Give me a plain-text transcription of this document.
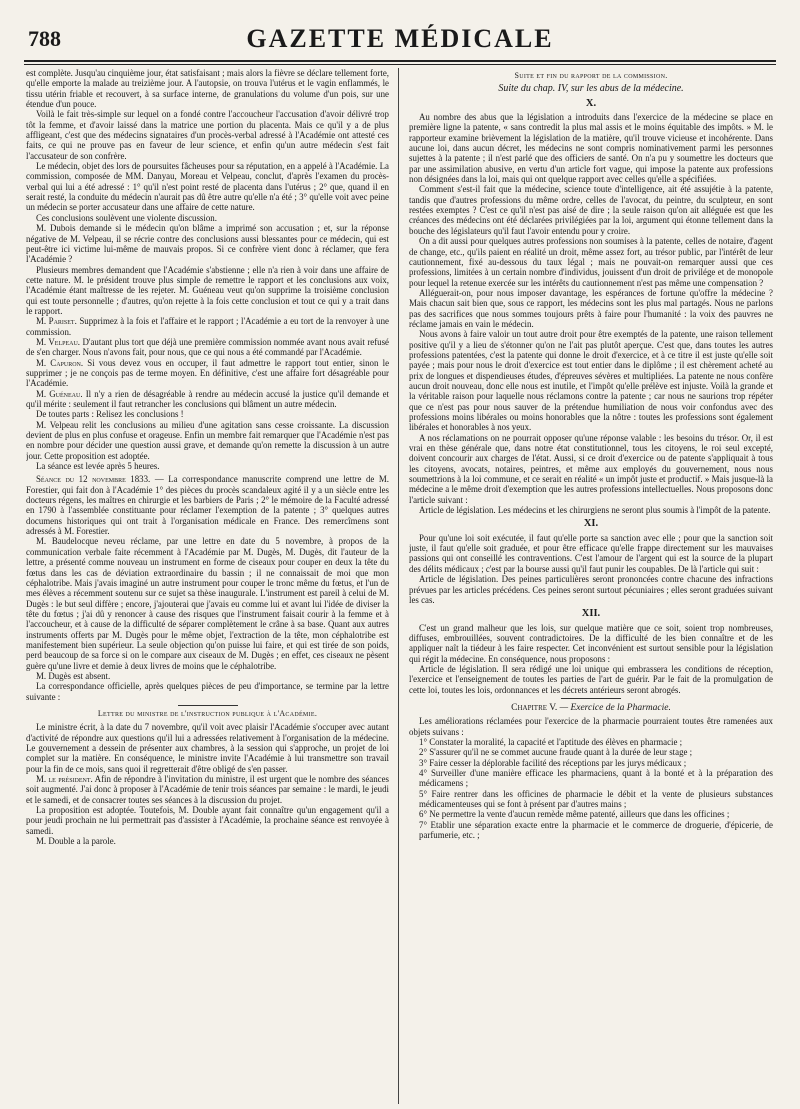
788	GAZETTE MÉDICALE

est complète. Jusqu'au cinquième jour, état satisfaisant ; mais alors la fièvre se déclare tellement forte, qu'elle emporte la malade au treizième jour. A l'autopsie, on trouva l'utérus et le vagin enflammés, le tissu utérin friable et recouvert, à sa surface interne, de granulations du volume d'un pois, sur une étendue d'un pouce.

Voilà le fait très-simple sur lequel on a fondé contre l'accoucheur l'accusation d'avoir délivré trop tôt la femme, et d'avoir laissé dans la matrice une portion du placenta. Mais ce qu'il y a de plus affligeant, c'est que des médecins signataires d'un procès-verbal adressé à l'Académie ont attesté ces faits, ce qui ne prouve pas en faveur de leur science, et enfin qu'un autre médecin s'est fait l'accusateur de son confrère.

Le médecin, objet des lors de poursuites fâcheuses pour sa réputation, en a appelé à l'Académie. La commission, composée de MM. Danyau, Moreau et Velpeau, conclut, d'après l'examen du procès-verbal qui lui a été adressé : 1° qu'il n'est point resté de placenta dans l'utérus ; 2° que, quand il en serait resté, la conduite du médecin n'aurait pas dû être autre qu'elle n'a été ; 3° qu'elle voit avec peine un médecin se porter accusateur dans une affaire de cette nature.

Ces conclusions soulèvent une violente discussion.

M. Dubois demande si le médecin qu'on blâme a imprimé son accusation ; et, sur la réponse négative de M. Velpeau, il se récrie contre des conclusions aussi blessantes pour ce médecin, qui est peut-être ici victime lui-même de mauvais propos. Si ce confrère vient donc à réclamer, que fera l'Académie ?

Plusieurs membres demandent que l'Académie s'abstienne ; elle n'a rien à voir dans une affaire de cette nature. M. le président trouve plus simple de remettre le rapport et les conclusions aux voix, l'Académie étant maîtresse de les rejeter. M. Guéneau veut qu'on supprime la troisième conclusion qui est toute personnelle ; d'autres, qu'on rejette à la fois cette conclusion et tout ce qui y a trait dans le rapport.

M. Pariset. Supprimez à la fois et l'affaire et le rapport ; l'Académie a eu tort de la renvoyer à une commission.

M. Velpeau. D'autant plus tort que déjà une première commission nommée avant nous avait refusé de s'en charger. Nous n'avons fait, pour nous, que ce qui nous a été commandé par l'Académie.

M. Capuron. Si vous devez vous en occuper, il faut admettre le rapport tout entier, sinon le supprimer ; je ne conçois pas de terme moyen. En définitive, c'est une affaire fort désagréable pour l'Académie.

M. Guéneau. Il n'y a rien de désagréable à rendre au médecin accusé la justice qu'il demande et qu'il mérite : seulement il faut retrancher les conclusions qui blâment un autre médecin.

De toutes parts : Relisez les conclusions !

M. Velpeau relit les conclusions au milieu d'une agitation sans cesse croissante. La discussion devient de plus en plus confuse et orageuse. Enfin un membre fait remarquer que l'Académie n'est pas en nombre pour décider une question aussi grave, et demande qu'on remette la discussion à un autre jour. Cette proposition est adoptée.

La séance est levée après 5 heures.

Séance du 12 novembre 1833. — La correspondance manuscrite comprend une lettre de M. Forestier, qui fait don à l'Académie 1° des pièces du procès scandaleux agité il y a un siècle entre les docteurs régens, les maîtres en chirurgie et les barbiers de Paris ; 2° le mémoire de la Faculté adressé en 1790 à l'assemblée constituante pour réclamer l'exemption de la patente ; 3° quelques autres documens historiques qui ont trait à l'organisation médicale en France. Des remercîmens sont adressés à M. Forestier.

M. Baudelocque neveu réclame, par une lettre en date du 5 novembre, à propos de la communication verbale faite récemment à l'Académie par M. Dugès, M. Dugès, dit l'auteur de la lettre, a présenté comme nouveau un instrument en forme de ciseaux pour couper en deux la tête du fœtus dans les cas de déviation extraordinaire du bassin ; il ne connaissait de moi que mon céphalotribe. Mais j'avais imaginé un autre instrument pour couper le tronc même du fœtus, et l'un de mes élèves a récemment soutenu sur ce sujet sa thèse inaugurale. L'instrument est pareil à celui de M. Dugès : le but seul diffère ; encore, j'ajouterai que j'avais eu comme lui et avant lui l'idée de diviser la tête du fœtus ; j'ai dû y renoncer à cause des risques que l'instrument faisait courir à la femme et à l'accoucheur, et à cause de la difficulté de séparer complètement le crâne à sa base. Quant aux autres instruments offerts par M. Dugès pour le même objet, l'extraction de la tête, mon céphalotribe est manifestement bien supérieur. La seule objection qu'on puisse lui faire, et qui est tirée de son poids, perd beaucoup de sa force si on le compare aux ciseaux de M. Dugès ; en effet, ces ciseaux ne pèsent guère qu'une livre et demie à deux livres de moins que le céphalotribe.

M. Dugès est absent.

La correspondance officielle, après quelques pièces de peu d'importance, se termine par la lettre suivante :

Lettre du ministre de l'instruction publique à l'Académie.

Le ministre écrit, à la date du 7 novembre, qu'il voit avec plaisir l'Académie s'occuper avec autant d'activité de répondre aux questions qu'il lui a adressées relativement à l'organisation de la médecine. Le gouvernement a dessein de présenter aux chambres, à la session qui s'approche, un projet de loi complet sur la matière. En conséquence, le ministre invite l'Académie à lui transmettre son travail pour la fin de ce mois, sans quoi il regretterait d'être obligé de s'en passer.

M. le président. Afin de répondre à l'invitation du ministre, il est urgent que le nombre des séances soit augmenté. J'ai donc à proposer à l'Académie de tenir trois séances par semaine : le mardi, le jeudi et le samedi, et de consacrer toutes ses séances à la discussion du projet.

La proposition est adoptée. Toutefois, M. Double ayant fait connaître qu'un engagement qu'il a pour jeudi prochain ne lui permettrait pas d'assister à l'Académie, la prochaine séance est renvoyée à samedi.

M. Double a la parole.

Suite et fin du rapport de la commission.
Suite du chap. IV, sur les abus de la médecine.
X.

Au nombre des abus que la législation a introduits dans l'exercice de la médecine se place en première ligne la patente, « sans contredit la plus mal assis et le moins équitable des impôts. » M. le rapporteur examine brièvement la législation de la matière, qu'il trouve vicieuse et incohérente. Dans aucune loi, dans aucun décret, les médecins ne sont compris nominativement parmi les personnes sujettes à la patente ; il n'est parlé que des officiers de santé. On n'a pu y soumettre les docteurs que par une assimilation abusive, en vertu d'un article fort vague, qui impose la patente aux professions non désignées dans la loi, mais qui ont quelque rapport avec celles qu'elle a spécifiées.

Comment s'est-il fait que la médecine, science toute d'intelligence, ait été assujétie à la patente, tandis que d'autres professions du même ordre, celles de l'avocat, du peintre, du sculpteur, en sont restées exemptes ? C'est ce qu'il n'est pas aisé de dire ; la seule raison qu'on ait alléguée est que les créances des médecins ont été déclarées privilégiées par la loi, argument qui étonne tellement dans la bouche des législateurs qu'il faut l'avoir entendu pour y croire.

On a dit aussi pour quelques autres professions non soumises à la patente, celles de notaire, d'agent de change, etc., qu'ils paient en réalité un droit, même assez fort, au trésor public, par l'intérêt de leur cautionnement, fixé au-dessous du taux légal ; mais ne pouvait-on remarquer aussi que ces professions, limitées à un certain nombre d'individus, jouissent d'un droit de privilége et de monopole pour lequel la retenue exercée sur les intérêts du cautionnement n'est pas même une compensation ?

Alléguerait-on, pour nous imposer davantage, les espérances de fortune qu'offre la médecine ? Mais chacun sait bien que, sous ce rapport, les médecins sont les plus mal partagés. Nous ne parlons pas des sacrifices que nous sommes toujours prêts à faire pour l'humanité : la voix des pauvres ne réclame jamais en vain le médecin.

Nous avons à faire valoir un tout autre droit pour être exemptés de la patente, une raison tellement positive qu'il y a lieu de s'étonner qu'on ne l'ait pas plutôt aperçue. C'est que, dans toutes les autres professions patentées, c'est la patente qui donne le droit d'exercice, et à ce titre il est juste qu'elle soit payée ; mais pour nous le droit d'exercice est tout entier dans le diplôme ; il est chèrement acheté au prix de longues et dispendieuses études, d'épreuves sévères et multipliées. La patente ne nous confère aucun droit nouveau, donc elle nous est inutile, et l'impôt qu'elle prélève est injuste. Voilà la grande et la véritable raison pour laquelle nous réclamons contre la patente ; car nous ne saurions trop répéter que ce n'est pas pour nous sauver de la prétendue humiliation de nous voir confondus avec des professions moins libérales ou moins honorables que la nôtre : toutes les professions sont également libérales et honorables à nos yeux.

A nos réclamations on ne pourrait opposer qu'une réponse valable : les besoins du trésor. Or, il est vrai en thèse générale que, dans notre état constitutionnel, tous les citoyens, le roi seul excepté, doivent concourir aux charges de l'état. Aussi, si ce droit d'exercice ou de patente s'appliquait à tous les citoyens, avocats, notaires, peintres, et même aux employés du gouvernement, nous nous soumettrions à la loi commune, et ce serait en réalité « un impôt juste et productif. » Mais jusque-là la médecine a le même droit d'exemption que les autres professions intellectuelles. Nous proposons donc l'article suivant :

Article de législation. Les médecins et les chirurgiens ne seront plus soumis à l'impôt de la patente.

XI.

Pour qu'une loi soit exécutée, il faut qu'elle porte sa sanction avec elle ; pour que la sanction soit juste, il faut qu'elle soit graduée, et pour être efficace qu'elle frappe directement sur les mauvaises passions qui ont conseillé les contraventions. C'est l'amour de l'argent qui est la source de la plupart des délits médicaux ; c'est par la bourse aussi qu'il faut punir les coupables. De là l'article qui suit :

Article de législation. Des peines particulières seront prononcées contre chacune des infractions prévues par les articles précédens. Ces peines seront surtout pécuniaires ; elles seront graduées suivant les cas.

XII.

C'est un grand malheur que les lois, sur quelque matière que ce soit, soient trop nombreuses, diffuses, embrouillées, souvent contradictoires. De la difficulté de les bien connaître et de les appliquer naît la tiédeur à les faire respecter. Cet inconvénient est surtout sensible pour la législation qui régit la médecine. En conséquence, nous proposons :

Article de législation. Il sera rédigé une loi unique qui embrassera les conditions de réception, l'exercice et l'enseignement de toutes les parties de l'art de guérir. Par le fait de la promulgation de cette loi, toutes les lois, ordonnances et les décrets antérieurs seront abrogés.

Chapitre V. — Exercice de la Pharmacie.

Les améliorations réclamées pour l'exercice de la pharmacie pourraient toutes être ramenées aux objets suivans :

1° Constater la moralité, la capacité et l'aptitude des élèves en pharmacie ;

2° S'assurer qu'il ne se commet aucune fraude quant à la durée de leur stage ;

3° Faire cesser la déplorable facilité des réceptions par les jurys médicaux ;

4° Surveiller d'une manière efficace les pharmaciens, quant à la bonté et à la préparation des médicamens ;

5° Faire rentrer dans les officines de pharmacie le débit et la vente de plusieurs substances médicamenteuses qui se font à présent par d'autres mains ;

6° Ne permettre la vente d'aucun remède même patenté, ailleurs que dans les officines ;

7° Etablir une séparation exacte entre la pharmacie et le commerce de droguerie, d'épicerie, de parfumerie, etc. ;
